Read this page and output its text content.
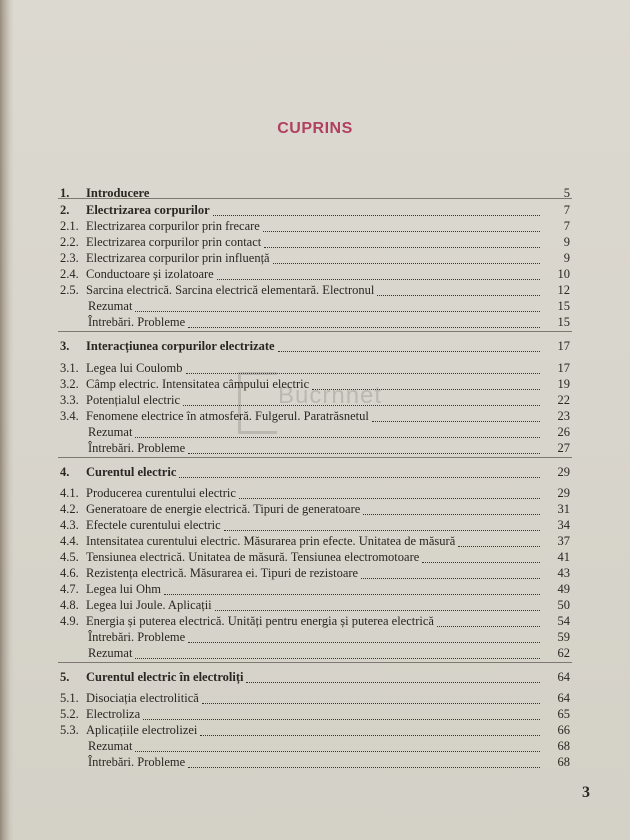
CUPRINS
Bucrnnet
1.	Introducere	5
2.	Electrizarea corpurilor	7
2.1. Electrizarea corpurilor prin frecare	7
2.2. Electrizarea corpurilor prin contact	9
2.3. Electrizarea corpurilor prin influență	9
2.4. Conductoare și izolatoare	10
2.5. Sarcina electrică. Sarcina electrică elementară. Electronul	12
Rezumat	15
Întrebări. Probleme	15
3.	Interacțiunea corpurilor electrizate	17
3.1. Legea lui Coulomb	17
3.2. Câmp electric. Intensitatea câmpului electric	19
3.3. Potențialul electric	22
3.4. Fenomene electrice în atmosferă. Fulgerul. Paratrăsnetul	23
Rezumat	26
Întrebări. Probleme	27
4.	Curentul electric	29
4.1. Producerea curentului electric	29
4.2. Generatoare de energie electrică. Tipuri de generatoare	31
4.3. Efectele curentului electric	34
4.4. Intensitatea curentului electric. Măsurarea prin efecte. Unitatea de măsură	37
4.5. Tensiunea electrică. Unitatea de măsură. Tensiunea electromotoare	41
4.6. Rezistența electrică. Măsurarea ei. Tipuri de rezistoare	43
4.7. Legea lui Ohm	49
4.8. Legea lui Joule. Aplicații	50
4.9. Energia și puterea electrică. Unități pentru energia și puterea electrică	54
Întrebări. Probleme	59
Rezumat	62
5.	Curentul electric în electroliți	64
5.1. Disociația electrolitică	64
5.2. Electroliza	65
5.3. Aplicațiile electrolizei	66
Rezumat	68
Întrebări. Probleme	68
3
